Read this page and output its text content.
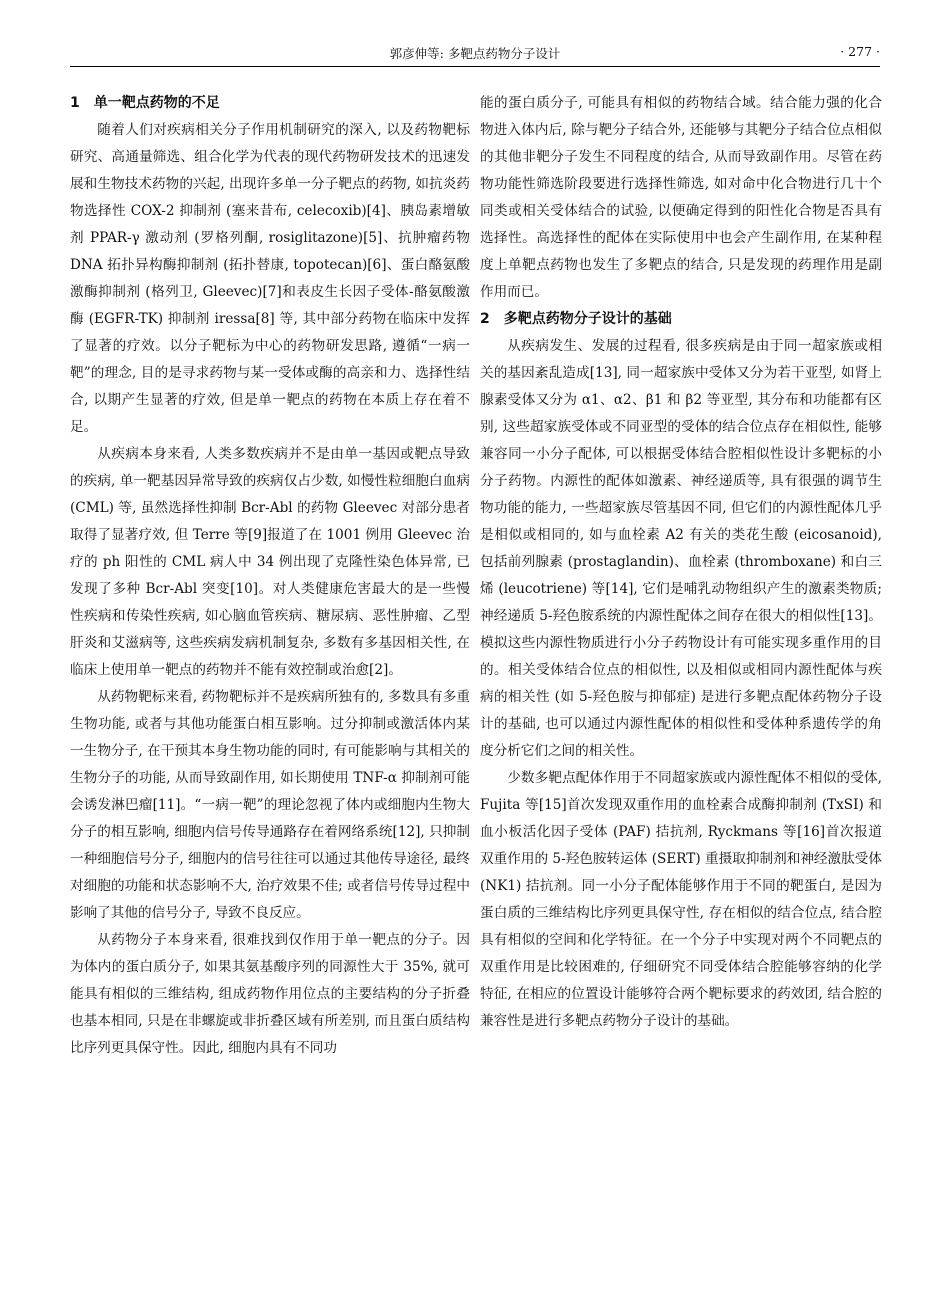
郭彦伸等: 多靶点药物分子设计	· 277 ·
1　单一靶点药物的不足

随着人们对疾病相关分子作用机制研究的深入, 以及药物靶标研究、高通量筛选、组合化学为代表的现代药物研发技术的迅速发展和生物技术药物的兴起, 出现许多单一分子靶点的药物, 如抗炎药物选择性 COX-2 抑制剂 (塞来昔布, celecoxib)[4]、胰岛素增敏剂 PPAR-γ 激动剂 (罗格列酮, rosiglitazone)[5]、抗肿瘤药物 DNA 拓扑异构酶抑制剂 (拓扑替康, topotecan)[6]、蛋白酪氨酸激酶抑制剂 (格列卫, Gleevec)[7]和表皮生长因子受体-酪氨酸激酶 (EGFR-TK) 抑制剂 iressa[8] 等, 其中部分药物在临床中发挥了显著的疗效。以分子靶标为中心的药物研发思路, 遵循“一病一靶”的理念, 目的是寻求药物与某一受体或酶的高亲和力、选择性结合, 以期产生显著的疗效, 但是单一靶点的药物在本质上存在着不足。

从疾病本身来看, 人类多数疾病并不是由单一基因或靶点导致的疾病, 单一靶基因异常导致的疾病仅占少数, 如慢性粒细胞白血病 (CML) 等, 虽然选择性抑制 Bcr-Abl 的药物 Gleevec 对部分患者取得了显著疗效, 但 Terre 等[9]报道了在 1001 例用 Gleevec 治疗的 ph 阳性的 CML 病人中 34 例出现了克隆性染色体异常, 已发现了多种 Bcr-Abl 突变[10]。对人类健康危害最大的是一些慢性疾病和传染性疾病, 如心脑血管疾病、糖尿病、恶性肿瘤、乙型肝炎和艾滋病等, 这些疾病发病机制复杂, 多数有多基因相关性, 在临床上使用单一靶点的药物并不能有效控制或治愈[2]。

从药物靶标来看, 药物靶标并不是疾病所独有的, 多数具有多重生物功能, 或者与其他功能蛋白相互影响。过分抑制或激活体内某一生物分子, 在干预其本身生物功能的同时, 有可能影响与其相关的生物分子的功能, 从而导致副作用, 如长期使用 TNF-α 抑制剂可能会诱发淋巴瘤[11]。“一病一靶”的理论忽视了体内或细胞内生物大分子的相互影响, 细胞内信号传导通路存在着网络系统[12], 只抑制一种细胞信号分子, 细胞内的信号往往可以通过其他传导途径, 最终对细胞的功能和状态影响不大, 治疗效果不佳; 或者信号传导过程中影响了其他的信号分子, 导致不良反应。

从药物分子本身来看, 很难找到仅作用于单一靶点的分子。因为体内的蛋白质分子, 如果其氨基酸序列的同源性大于 35%, 就可能具有相似的三维结构, 组成药物作用位点的主要结构的分子折叠也基本相同, 只是在非螺旋或非折叠区域有所差别, 而且蛋白质结构比序列更具保守性。因此, 细胞内具有不同功

能的蛋白质分子, 可能具有相似的药物结合域。结合能力强的化合物进入体内后, 除与靶分子结合外, 还能够与其靶分子结合位点相似的其他非靶分子发生不同程度的结合, 从而导致副作用。尽管在药物功能性筛选阶段要进行选择性筛选, 如对命中化合物进行几十个同类或相关受体结合的试验, 以便确定得到的阳性化合物是否具有选择性。高选择性的配体在实际使用中也会产生副作用, 在某种程度上单靶点药物也发生了多靶点的结合, 只是发现的药理作用是副作用而已。

2　多靶点药物分子设计的基础

从疾病发生、发展的过程看, 很多疾病是由于同一超家族或相关的基因紊乱造成[13], 同一超家族中受体又分为若干亚型, 如肾上腺素受体又分为 α1、α2、β1 和 β2 等亚型, 其分布和功能都有区别, 这些超家族受体或不同亚型的受体的结合位点存在相似性, 能够兼容同一小分子配体, 可以根据受体结合腔相似性设计多靶标的小分子药物。内源性的配体如激素、神经递质等, 具有很强的调节生物功能的能力, 一些超家族尽管基因不同, 但它们的内源性配体几乎是相似或相同的, 如与血栓素 A2 有关的类花生酸 (eicosanoid), 包括前列腺素 (prostaglandin)、血栓素 (thromboxane) 和白三烯 (leucotriene) 等[14], 它们是哺乳动物组织产生的激素类物质; 神经递质 5-羟色胺系统的内源性配体之间存在很大的相似性[13]。模拟这些内源性物质进行小分子药物设计有可能实现多重作用的目的。相关受体结合位点的相似性, 以及相似或相同内源性配体与疾病的相关性 (如 5-羟色胺与抑郁症) 是进行多靶点配体药物分子设计的基础, 也可以通过内源性配体的相似性和受体种系遗传学的角度分析它们之间的相关性。

少数多靶点配体作用于不同超家族或内源性配体不相似的受体, Fujita 等[15]首次发现双重作用的血栓素合成酶抑制剂 (TxSI) 和血小板活化因子受体 (PAF) 拮抗剂, Ryckmans 等[16]首次报道双重作用的 5-羟色胺转运体 (SERT) 重摄取抑制剂和神经激肽受体 (NK1) 拮抗剂。同一小分子配体能够作用于不同的靶蛋白, 是因为蛋白质的三维结构比序列更具保守性, 存在相似的结合位点, 结合腔具有相似的空间和化学特征。在一个分子中实现对两个不同靶点的双重作用是比较困难的, 仔细研究不同受体结合腔能够容纳的化学特征, 在相应的位置设计能够符合两个靶标要求的药效团, 结合腔的兼容性是进行多靶点药物分子设计的基础。
